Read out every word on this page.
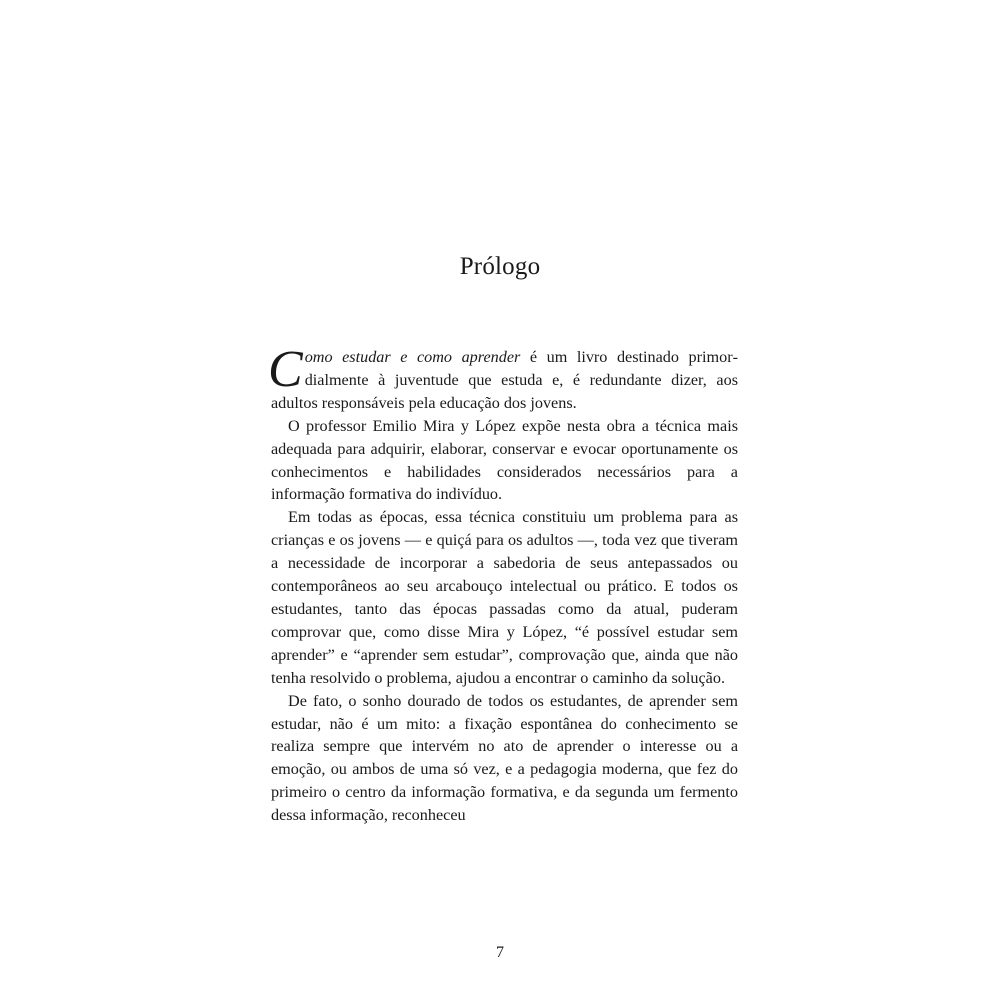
Prólogo

Como estudar e como aprender é um livro destinado primordialmente à juventude que estuda e, é redundante dizer, aos adultos responsáveis pela educação dos jovens.

O professor Emilio Mira y López expõe nesta obra a técnica mais adequada para adquirir, elaborar, conservar e evocar oportunamente os conhecimentos e habilidades considerados necessários para a informação formativa do indivíduo.

Em todas as épocas, essa técnica constituiu um problema para as crianças e os jovens — e quiçá para os adultos —, toda vez que tiveram a necessidade de incorporar a sabedoria de seus antepassados ou contemporâneos ao seu arcabouço intelectual ou prático. E todos os estudantes, tanto das épocas passadas como da atual, puderam comprovar que, como disse Mira y López, “é possível estudar sem aprender” e “aprender sem estudar”, comprovação que, ainda que não tenha resolvido o problema, ajudou a encontrar o caminho da solução.

De fato, o sonho dourado de todos os estudantes, de aprender sem estudar, não é um mito: a fixação espontânea do conhecimento se realiza sempre que intervém no ato de aprender o interesse ou a emoção, ou ambos de uma só vez, e a pedagogia moderna, que fez do primeiro o centro da informação formativa, e da segunda um fermento dessa informação, reconheceu

7
